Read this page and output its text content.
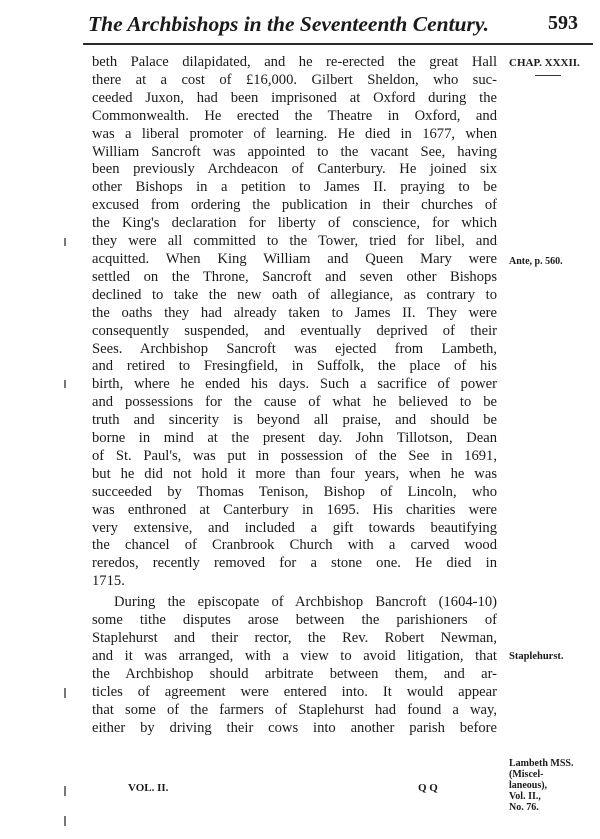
The Archbishops in the Seventeenth Century.	593
beth Palace dilapidated, and he re-erected the great Hall
there at a cost of £16,000. Gilbert Sheldon, who suc-
ceeded Juxon, had been imprisoned at Oxford during the
Commonwealth. He erected the Theatre in Oxford, and
was a liberal promoter of learning. He died in 1677, when
William Sancroft was appointed to the vacant See, having
been previously Archdeacon of Canterbury. He joined six
other Bishops in a petition to James II. praying to be
excused from ordering the publication in their churches of
the King's declaration for liberty of conscience, for which
they were all committed to the Tower, tried for libel, and
acquitted. When King William and Queen Mary were
settled on the Throne, Sancroft and seven other Bishops
declined to take the new oath of allegiance, as contrary to
the oaths they had already taken to James II. They were
consequently suspended, and eventually deprived of their
Sees. Archbishop Sancroft was ejected from Lambeth,
and retired to Fresingfield, in Suffolk, the place of his
birth, where he ended his days. Such a sacrifice of power
and possessions for the cause of what he believed to be
truth and sincerity is beyond all praise, and should be
borne in mind at the present day. John Tillotson, Dean
of St. Paul's, was put in possession of the See in 1691,
but he did not hold it more than four years, when he was
succeeded by Thomas Tenison, Bishop of Lincoln, who
was enthroned at Canterbury in 1695. His charities were
very extensive, and included a gift towards beautifying
the chancel of Cranbrook Church with a carved wood
reredos, recently removed for a stone one. He died in
1715.
During the episcopate of Archbishop Bancroft (1604-10)
some tithe disputes arose between the parishioners of
Staplehurst and their rector, the Rev. Robert Newman,
and it was arranged, with a view to avoid litigation, that
the Archbishop should arbitrate between them, and ar-
ticles of agreement were entered into. It would appear
that some of the farmers of Staplehurst had found a way,
either by driving their cows into another parish before
CHAP. XXXII.
Ante, p. 560.
Staplehurst.
Lambeth MSS.
(Miscel-
laneous),
Vol. II.,
No. 76.
VOL. II.	Q Q
